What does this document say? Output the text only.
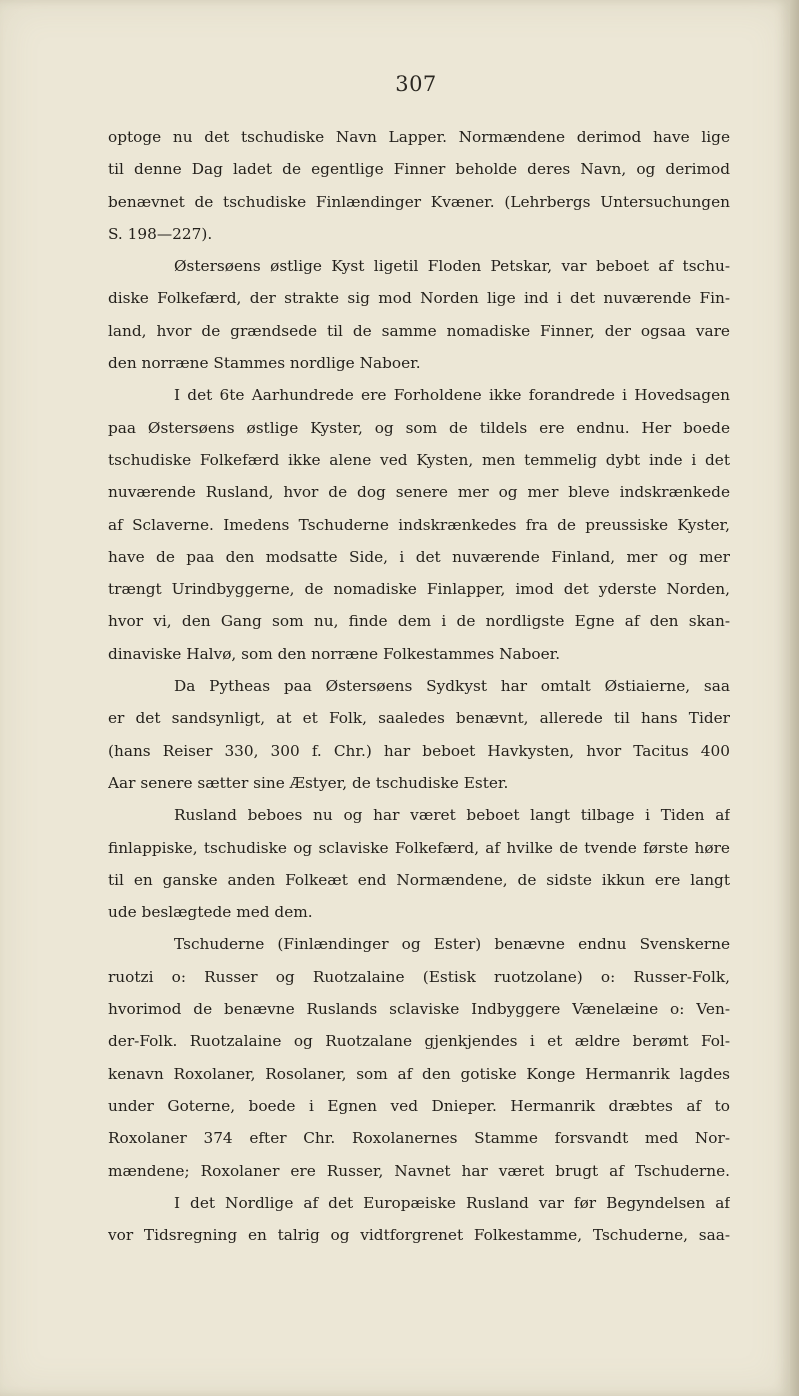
307
optoge nu det tschudiske Navn Lapper. Normændene derimod have lige
til denne Dag ladet de egentlige Finner beholde deres Navn, og derimod
benævnet de tschudiske Finlændinger Kvæner. (Lehrbergs Untersuchungen
S. 198—227).
Østersøens østlige Kyst ligetil Floden Petskar, var beboet af tschu-
diske Folkefærd, der strakte sig mod Norden lige ind i det nuværende Fin-
land, hvor de grændsede til de samme nomadiske Finner, der ogsaa vare
den norræne Stammes nordlige Naboer.
I det 6te Aarhundrede ere Forholdene ikke forandrede i Hovedsagen
paa Østersøens østlige Kyster, og som de tildels ere endnu. Her boede
tschudiske Folkefærd ikke alene ved Kysten, men temmelig dybt inde i det
nuværende Rusland, hvor de dog senere mer og mer bleve indskrænkede
af Sclaverne. Imedens Tschuderne indskrænkedes fra de preussiske Kyster,
have de paa den modsatte Side, i det nuværende Finland, mer og mer
trængt Urindbyggerne, de nomadiske Finlapper, imod det yderste Norden,
hvor vi, den Gang som nu, finde dem i de nordligste Egne af den skan-
dinaviske Halvø, som den norræne Folkestammes Naboer.
Da Pytheas paa Østersøens Sydkyst har omtalt Østiaierne, saa
er det sandsynligt, at et Folk, saaledes benævnt, allerede til hans Tider
(hans Reiser 330, 300 f. Chr.) har beboet Havkysten, hvor Tacitus 400
Aar senere sætter sine Æstyer, de tschudiske Ester.
Rusland beboes nu og har været beboet langt tilbage i Tiden af
finlappiske, tschudiske og sclaviske Folkefærd, af hvilke de tvende første høre
til en ganske anden Folkeæt end Normændene, de sidste ikkun ere langt
ude beslægtede med dem.
Tschuderne (Finlændinger og Ester) benævne endnu Svenskerne
ruotzi o: Russer og Ruotzalaine (Estisk ruotzolane) o: Russer-Folk,
hvorimod de benævne Ruslands sclaviske Indbyggere Vænelæine o: Ven-
der-Folk. Ruotzalaine og Ruotzalane gjenkjendes i et ældre berømt Fol-
kenavn Roxolaner, Rosolaner, som af den gotiske Konge Hermanrik lagdes
under Goterne, boede i Egnen ved Dnieper. Hermanrik dræbtes af to
Roxolaner 374 efter Chr. Roxolanernes Stamme forsvandt med Nor-
mændene; Roxolaner ere Russer, Navnet har været brugt af Tschuderne.
I det Nordlige af det Europæiske Rusland var før Begyndelsen af
vor Tidsregning en talrig og vidtforgrenet Folkestamme, Tschuderne, saa-
